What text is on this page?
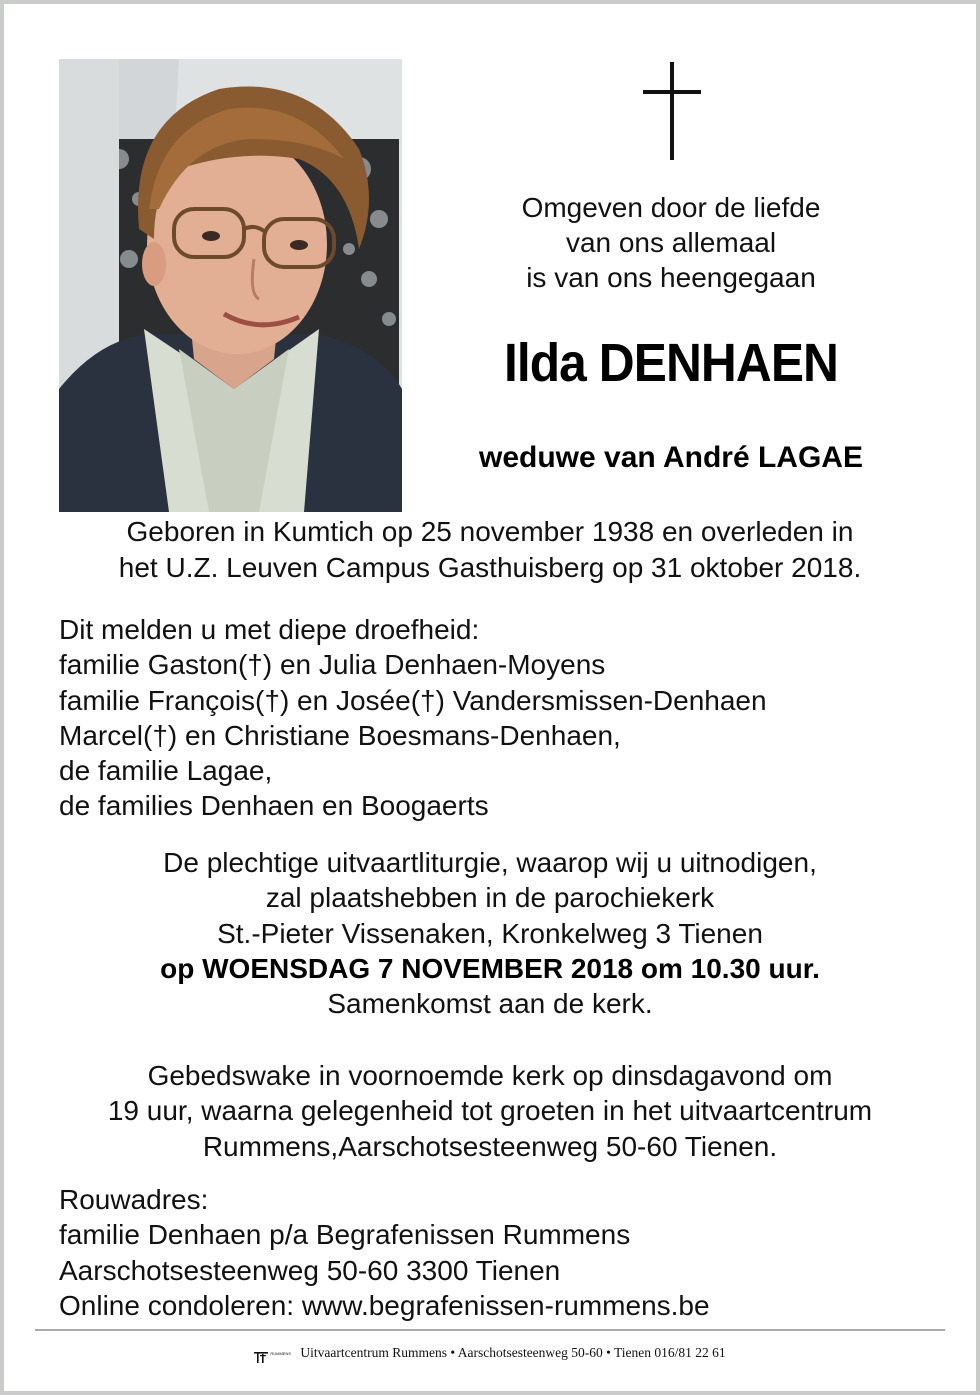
Omgeven door de liefde
van ons allemaal
is van ons heengegaan
Ilda DENHAEN
weduwe van André LAGAE
Geboren in Kumtich op 25 november 1938 en overleden in
het U.Z. Leuven Campus Gasthuisberg op 31 oktober 2018.
Dit melden u met diepe droefheid:
familie Gaston(†) en Julia Denhaen-Moyens
familie François(†) en Josée(†) Vandersmissen-Denhaen
Marcel(†) en Christiane Boesmans-Denhaen,
de familie Lagae,
de families Denhaen en Boogaerts
De plechtige uitvaartliturgie, waarop wij u uitnodigen,
zal plaatshebben in de parochiekerk
St.-Pieter Vissenaken, Kronkelweg 3 Tienen
op WOENSDAG 7 NOVEMBER 2018 om 10.30 uur.
Samenkomst aan de kerk.
Gebedswake in voornoemde kerk op dinsdagavond om
19 uur, waarna gelegenheid tot groeten in het uitvaartcentrum
Rummens,Aarschotsesteenweg 50-60 Tienen.
Rouwadres:
familie Denhaen p/a Begrafenissen Rummens
Aarschotsesteenweg 50-60 3300 Tienen
Online condoleren: www.begrafenissen-rummens.be
RUMMENS Uitvaartcentrum Rummens • Aarschotsesteenweg 50-60 • Tienen 016/81 22 61
